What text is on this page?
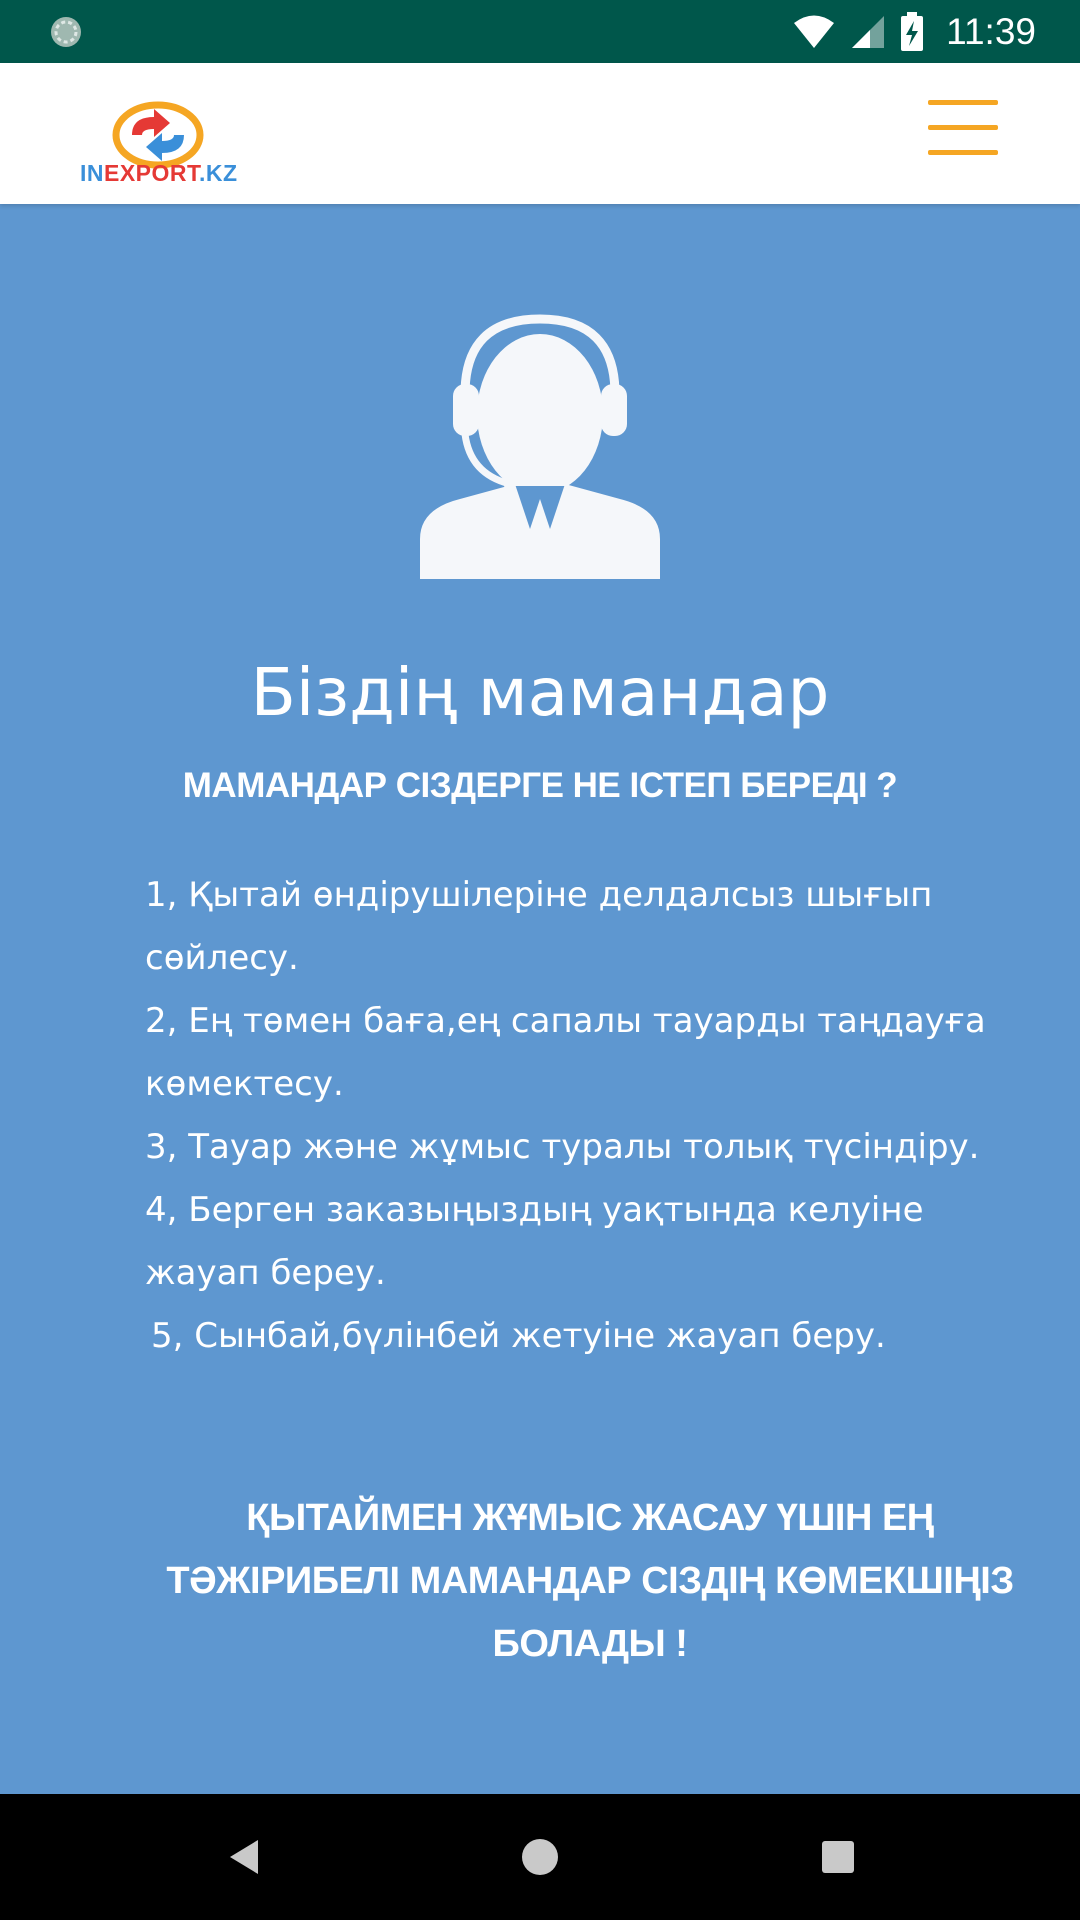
11:39
INEXPORT.KZ
Біздің мамандар
МАМАНДАР СІЗДЕРГЕ НЕ ІСТЕП БЕРЕДІ ?

1, Қытай өндірушілеріне делдалсыз шығып сөйлесу.

2, Ең төмен баға,ең сапалы тауарды таңдауға көмектесу.

3, Тауар және жұмыс туралы толық түсіндіру.

4, Берген заказыңыздың уақтында келуіне жауап береу.

5, Сынбай,бүлінбей жетуіне жауап беру.

ҚЫТАЙМЕН ЖҰМЫС ЖАСАУ ҮШІН ЕҢ
ТӘЖІРИБЕЛІ МАМАНДАР СІЗДІҢ КӨМЕКШІҢІЗ
БОЛАДЫ !
